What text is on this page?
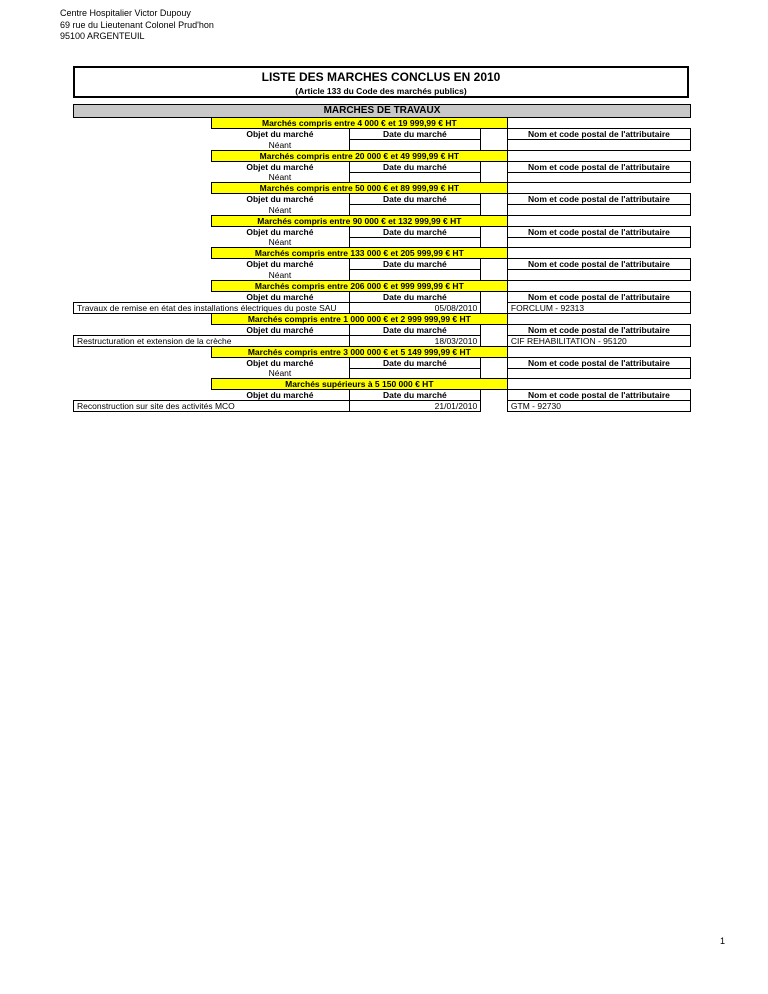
Centre Hospitalier Victor Dupouy
69 rue du Lieutenant Colonel Prud'hon
95100 ARGENTEUIL
LISTE DES MARCHES CONCLUS EN 2010
(Article 133 du Code des marchés publics)
MARCHES DE TRAVAUX				
	Marchés compris entre 4 000 € et 19 999,99 € HT			
	Objet du marché	Date du marché		Nom et code postal de l'attributaire
	Néant			
	Marchés compris entre 20 000 € et 49 999,99 € HT			
	Objet du marché	Date du marché		Nom et code postal de l'attributaire
	Néant			
	Marchés compris entre 50 000 € et 89 999,99 € HT			
	Objet du marché	Date du marché		Nom et code postal de l'attributaire
	Néant			
	Marchés compris entre 90 000 € et 132 999,99 € HT			
	Objet du marché	Date du marché		Nom et code postal de l'attributaire
	Néant			
	Marchés compris entre 133 000 € et 205 999,99 € HT			
	Objet du marché	Date du marché		Nom et code postal de l'attributaire
	Néant			
	Marchés compris entre 206 000 € et 999 999,99 € HT			
	Objet du marché	Date du marché		Nom et code postal de l'attributaire
Travaux de remise en état des installations électriques du poste SAU		05/08/2010		FORCLUM - 92313
	Marchés compris entre 1 000 000 € et 2 999 999,99 € HT			
	Objet du marché	Date du marché		Nom et code postal de l'attributaire
Restructuration et extension de la crèche		18/03/2010		CIF REHABILITATION - 95120
	Marchés compris entre 3 000 000 € et 5 149 999,99 € HT			
	Objet du marché	Date du marché		Nom et code postal de l'attributaire
	Néant			
	Marchés supérieurs à 5 150 000 € HT			
	Objet du marché	Date du marché		Nom et code postal de l'attributaire
Reconstruction sur site des activités MCO		21/01/2010		GTM - 92730
1
